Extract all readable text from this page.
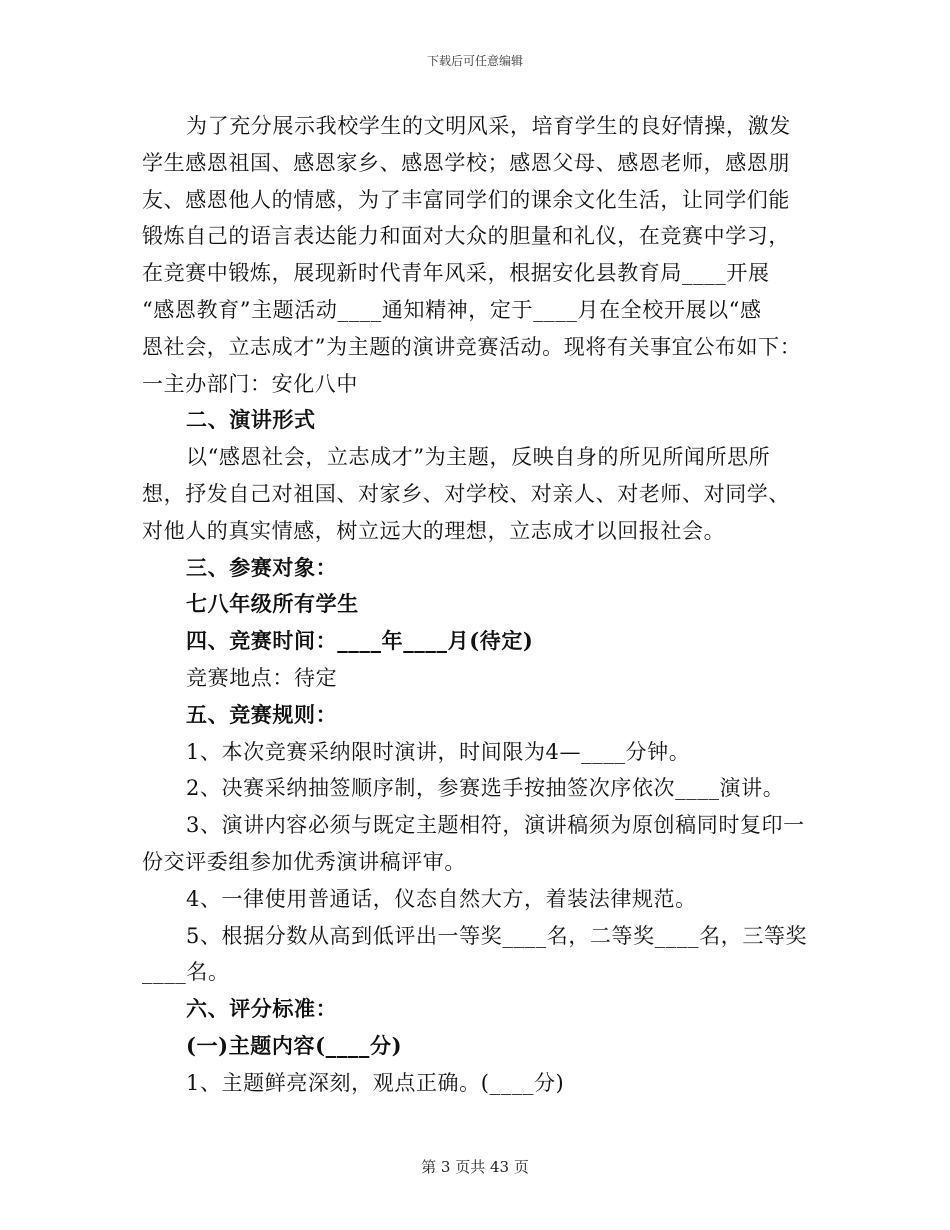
下载后可任意编辑
为了充分展示我校学生的文明风采，培育学生的良好情操，激发
学生感恩祖国、感恩家乡、感恩学校；感恩父母、感恩老师，感恩朋
友、感恩他人的情感，为了丰富同学们的课余文化生活，让同学们能
锻炼自己的语言表达能力和面对大众的胆量和礼仪，在竞赛中学习，
在竞赛中锻炼，展现新时代青年风采，根据安化县教育局____开展
“感恩教育”主题活动____通知精神，定于____月在全校开展以“感
恩社会，立志成才”为主题的演讲竞赛活动。现将有关事宜公布如下：
一主办部门：安化八中
二、演讲形式
以“感恩社会，立志成才”为主题，反映自身的所见所闻所思所
想，抒发自己对祖国、对家乡、对学校、对亲人、对老师、对同学、
对他人的真实情感，树立远大的理想，立志成才以回报社会。
三、参赛对象：
七八年级所有学生
四、竞赛时间：____年____月(待定)
竞赛地点：待定
五、竞赛规则：
1、本次竞赛采纳限时演讲，时间限为4—____分钟。
2、决赛采纳抽签顺序制，参赛选手按抽签次序依次____演讲。
3、演讲内容必须与既定主题相符，演讲稿须为原创稿同时复印一
份交评委组参加优秀演讲稿评审。
4、一律使用普通话，仪态自然大方，着装法律规范。
5、根据分数从高到低评出一等奖____名，二等奖____名，三等奖
____名。
六、评分标准：
(一)主题内容(____分)
1、主题鲜亮深刻，观点正确。(____分)
第 3 页共 43 页
